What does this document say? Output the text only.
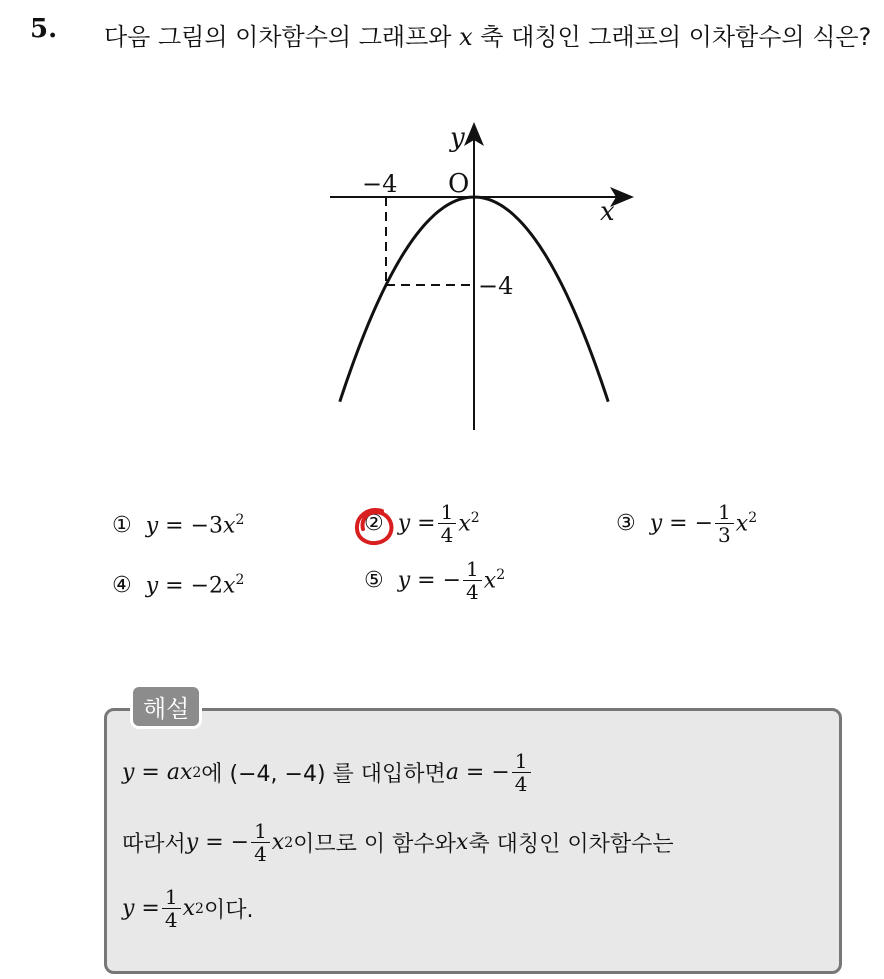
5. 다음 그림의 이차함수의 그래프와 x 축 대칭인 그래프의 이차함수의 식은?
y
x
O
−4
−4
① $y = -3x^2$	② $y = \frac{1}{4} x^2$	③ y = − $\frac{1}{3} x^2$
④ $y = -2x^2$	⑤ y = − $\frac{1}{4} x^2$
해설
y = ax 2 에 (−4, −4) 를 대입하면 a = − $\frac{1}{4}$
따라서 y = − $\frac{1}{4}$ x 2 이므로 이 함수와 x 축 대칭인 이차함수는
$y = \frac{1}{4}$ x 2 이다.
